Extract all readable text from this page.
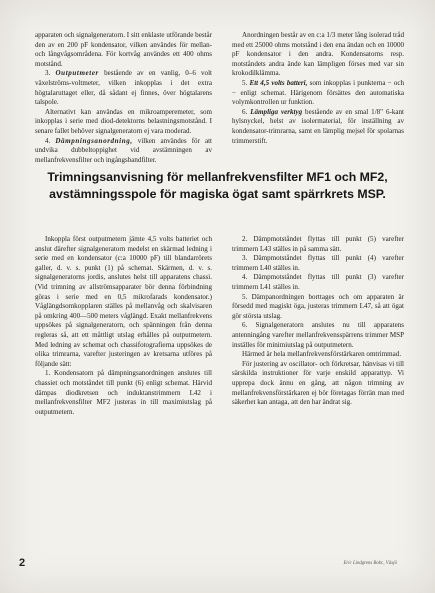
apparaten och signalgeneratorn. I sitt enklaste utförande består den av en 200 pF kondensator, vilken användes för mellan- och långvågsområdena. För kortvåg användes ett 400 ohms motstånd.

3. Outputmeter bestående av en vanlig, 0–6 volt växelströms-voltmeter, vilken inkopplas i det extra högtalaruttaget eller, då sådant ej finnes, över högtalarens talspole.

Alternativt kan användas en mikroamperemeter, som inkopplas i serie med diod-detektorns belastningsmotstånd. I senare fallet behöver signalgeneratorn ej vara moderad.

4. Dämpningsanordning, vilken användes för att undvika dubbeltoppighet vid avstämningen av mellanfrekvensfilter och ingångsbandfilter.

Anordningen består av en c:a 1/3 meter lång isolerad tråd med ett 25000 ohms motstånd i den ena ändan och en 10000 pF kondensator i den andra. Kondensatorns resp. motståndets andra ände kan lämpligen förses med var sin krokodilklämma.

5. Ett 4,5 volts batteri, som inkopplas i punkterna − och − enligt schemat. Härigenom försättes den automatiska volymkontrollen ur funktion.

6. Lämpliga verktyg bestående av en smal 1/8" 6-kant hylsnyckel, helst av isolermaterial, för inställning av kondensator-trimrarna, samt en lämplig mejsel för spolarnas trimmerstift.

Trimningsanvisning för mellanfrekvensfilter MF1 och MF2,
avstämningsspole för magiska ögat samt spärrkrets MSP.

Inkoppla först outputmetern jämte 4,5 volts batteriet och anslut därefter signalgeneratorn medelst en skärmad ledning i serie med en kondensator (c:a 10000 pF) till blandarrörets galler, d. v. s. punkt (1) på schemat. Skärmen, d. v. s. signalgeneratorns jordis, anslutes helst till apparatens chassi. (Vid trimning av allströmsapparater bör denna förbindning göras i serie med en 0,5 mikrofarads kondensator.) Våglängdsomkopplaren ställes på mellanvåg och skalvisaren på omkring 400—500 meters våglängd. Exakt mellanfrekvens uppsökes på signalgeneratorn, och spänningen från denna regleras så, att ett måttligt utslag erhålles på outputmetern. Med ledning av schemat och chassifotografierna uppsökes de olika trimrarna, varefter justeringen av kretsarna utföres på följande sätt:

1. Kondensatorn på dämpningsanordningen anslutes till chassiet och motståndet till punkt (6) enligt schemat. Härvid dämpas diodkretsen och induktanstrimmern L42 i mellanfrekvensfilter MF2 justeras in till maximiutslag på outputmetern.

2. Dämpmotståndet flyttas till punkt (5) varefter trimmern L43 ställes in på samma sätt.

3. Dämpmotståndet flyttas till punkt (4) varefter trimmern L40 ställes in.

4. Dämpmotståndet flyttas till punkt (3) varefter trimmern L41 ställes in.

5. Dämpanordningen borttages och om apparaten är försedd med magiskt öga, justeras trimmern L47, så att ögat gör största utslag.

6. Signalgeneratorn anslutes nu till apparatens antenningång varefter mellanfrekvensspärrens trimmer MSP inställes för minimiutslag på outputmetern.

Härmed är hela mellanfrekvensförstärkaren omtrimmad.

För justering av oscillator- och förkretsar, hänvisas vi till särskilda instruktioner för varje enskild apparattyp. Vi upprepa dock ännu en gång, att någon trimning av mellanfrekvensförstärkaren ej bör företagas förrän man med säkerhet kan antaga, att den har ändrat sig.

2	Eric Lindgrens Bokr., Växjö
